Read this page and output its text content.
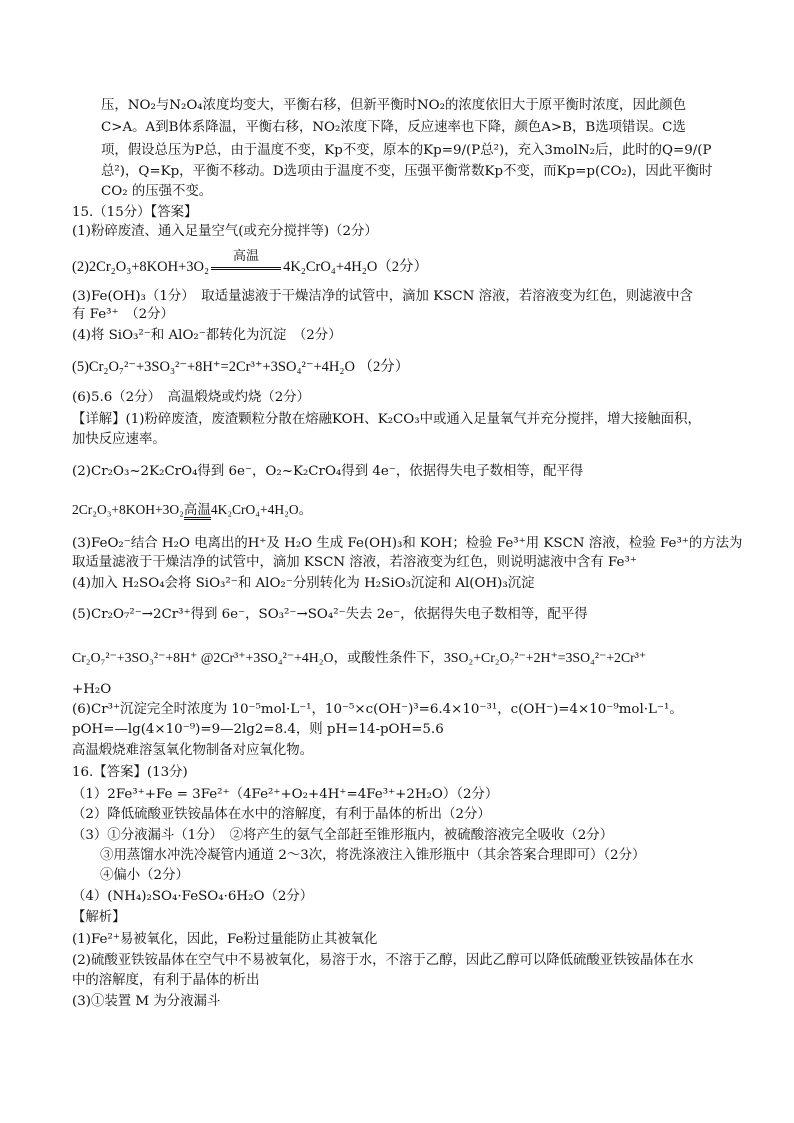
压，NO₂与N₂O₄浓度均变大，平衡右移，但新平衡时NO₂的浓度依旧大于原平衡时浓度，因此颜色
C>A。A到B体系降温，平衡右移，NO₂浓度下降，反应速率也下降，颜色A>B，B选项错误。C选
项，假设总压为P总，由于温度不变，Kp不变，原本的Kp=9/(P总²)，充入3molN₂后，此时的Q=9/(P
总²)，Q=Kp，平衡不移动。D选项由于温度不变，压强平衡常数Kp不变，而Kp=p(CO₂)，因此平衡时
CO₂ 的压强不变。
15.（15分）【答案】
(1)粉碎废渣、通入足量空气(或充分搅拌等)（2分）
(2)2Cr₂O₃+8KOH+3O₂
高温
4K₂CrO₄+4H₂O（2分）
(3)Fe(OH)₃（1分）　取适量滤液于干燥洁净的试管中，滴加 KSCN 溶液，若溶液变为红色，则滤液中含
有 Fe³⁺　（2分）
(4)将 SiO₃²⁻和 AlO₂⁻都转化为沉淀　（2分）
(5)Cr₂O₇²⁻+3SO₃²⁻+8H⁺=2Cr³⁺+3SO₄²⁻+4H₂O （2分）
(6)5.6（2分）　高温煅烧或灼烧（2分）
【详解】(1)粉碎废渣，废渣颗粒分散在熔融KOH、K₂CO₃中或通入足量氧气并充分搅拌，增大接触面积，
加快反应速率。
(2)Cr₂O₃~2K₂CrO₄得到 6e⁻，O₂~K₂CrO₄得到 4e⁻，依据得失电子数相等，配平得
2Cr₂O₃+8KOH+3O₂高温4K₂CrO₄+4H₂O。
(3)FeO₂⁻结合 H₂O 电离出的H⁺及 H₂O 生成 Fe(OH)₃和 KOH；检验 Fe³⁺用 KSCN 溶液，检验 Fe³⁺的方法为
取适量滤液于干燥洁净的试管中，滴加 KSCN 溶液，若溶液变为红色，则说明滤液中含有 Fe³⁺
(4)加入 H₂SO₄会将 SiO₃²⁻和 AlO₂⁻分别转化为 H₂SiO₃沉淀和 Al(OH)₃沉淀
(5)Cr₂O₇²⁻→2Cr³⁺得到 6e⁻，SO₃²⁻→SO₄²⁻失去 2e⁻，依据得失电子数相等，配平得
Cr₂O₇²⁻+3SO₃²⁻+8H⁺ @2Cr³⁺+3SO₄²⁻+4H₂O，或酸性条件下，3SO₂+Cr₂O₇²⁻+2H⁺=3SO₄²⁻+2Cr³⁺
+H₂O
(6)Cr³⁺沉淀完全时浓度为 10⁻⁵mol·L⁻¹，10⁻⁵×c(OH⁻)³=6.4×10⁻³¹，c(OH⁻)=4×10⁻⁹mol·L⁻¹。
pOH=—lg(4×10⁻⁹)=9—2lg2=8.4，则 pH=14-pOH=5.6
高温煅烧难溶氢氧化物制备对应氧化物。
16.【答案】(13分)
（1）2Fe³⁺+Fe = 3Fe²⁺（4Fe²⁺+O₂+4H⁺=4Fe³⁺+2H₂O）（2分）
（2）降低硫酸亚铁铵晶体在水中的溶解度，有利于晶体的析出（2分）
（3）①分液漏斗（1分）　②将产生的氨气全部赶至锥形瓶内，被硫酸溶液完全吸收（2分）
③用蒸馏水冲洗冷凝管内通道 2～3次，将洗涤液注入锥形瓶中（其余答案合理即可）（2分）
④偏小（2分）
（4）(NH₄)₂SO₄·FeSO₄·6H₂O（2分）
【解析】
(1)Fe²⁺易被氧化，因此，Fe粉过量能防止其被氧化
(2)硫酸亚铁铵晶体在空气中不易被氧化，易溶于水，不溶于乙醇，因此乙醇可以降低硫酸亚铁铵晶体在水
中的溶解度，有利于晶体的析出
(3)①装置 M 为分液漏斗
